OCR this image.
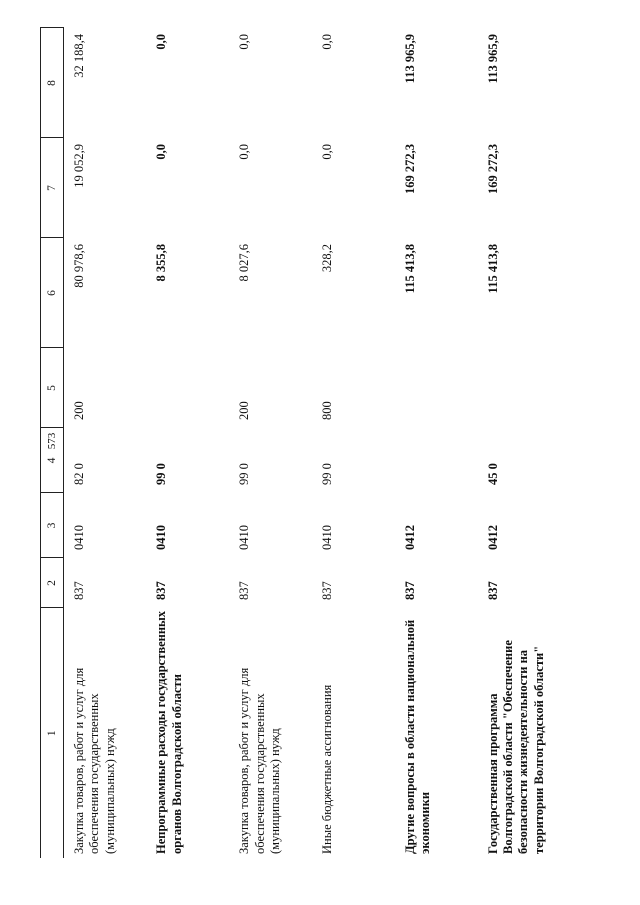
573
1	2	3	4	5	6	7	8
Закупка товаров, работ и услуг для обеспечения государственных (муниципальных) нужд	837	0410	82 0	200	80 978,6	19 052,9	32 188,4
Непрограммные расходы государственных органов Волгоградской области	837	0410	99 0		8 355,8	0,0	0,0
Закупка товаров, работ и услуг для обеспечения государственных (муниципальных) нужд	837	0410	99 0	200	8 027,6	0,0	0,0
Иные бюджетные ассигнования	837	0410	99 0	800	328,2	0,0	0,0
Другие вопросы в области национальной экономики	837	0412			115 413,8	169 272,3	113 965,9
Государственная программа Волгоградской области "Обеспечение безопасности жизнедеятельности на территории Волгоградской области"	837	0412	45 0		115 413,8	169 272,3	113 965,9
